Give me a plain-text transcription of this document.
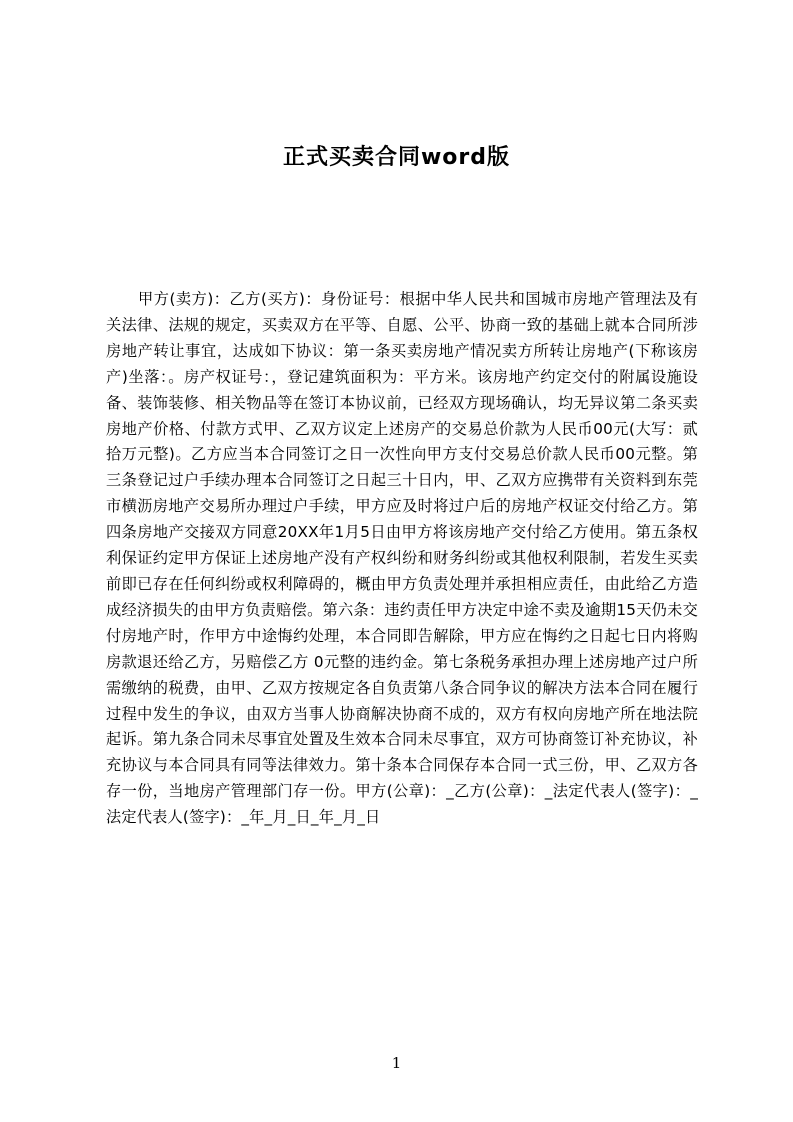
正式买卖合同word版

甲方(卖方)：乙方(买方)：身份证号：根据中华人民共和国城市房地产管理法及有关法律、法规的规定，买卖双方在平等、自愿、公平、协商一致的基础上就本合同所涉房地产转让事宜，达成如下协议：第一条买卖房地产情况卖方所转让房地产(下称该房产)坐落：。房产权证号：，登记建筑面积为：平方米。该房地产约定交付的附属设施设备、装饰装修、相关物品等在签订本协议前，已经双方现场确认，均无异议第二条买卖房地产价格、付款方式甲、乙双方议定上述房产的交易总价款为人民币00元(大写：贰拾万元整)。乙方应当本合同签订之日一次性向甲方支付交易总价款人民币00元整。第三条登记过户手续办理本合同签订之日起三十日内，甲、乙双方应携带有关资料到东莞市横沥房地产交易所办理过户手续，甲方应及时将过户后的房地产权证交付给乙方。第四条房地产交接双方同意20XX年1月5日由甲方将该房地产交付给乙方使用。第五条权利保证约定甲方保证上述房地产没有产权纠纷和财务纠纷或其他权利限制，若发生买卖前即已存在任何纠纷或权利障碍的，概由甲方负责处理并承担相应责任，由此给乙方造成经济损失的由甲方负责赔偿。第六条：违约责任甲方决定中途不卖及逾期15天仍未交付房地产时，作甲方中途悔约处理，本合同即告解除，甲方应在悔约之日起七日内将购房款退还给乙方，另赔偿乙方 0元整的违约金。第七条税务承担办理上述房地产过户所需缴纳的税费，由甲、乙双方按规定各自负责第八条合同争议的解决方法本合同在履行过程中发生的争议，由双方当事人协商解决协商不成的，双方有权向房地产所在地法院起诉。第九条合同未尽事宜处置及生效本合同未尽事宜，双方可协商签订补充协议，补充协议与本合同具有同等法律效力。第十条本合同保存本合同一式三份，甲、乙双方各存一份，当地房产管理部门存一份。甲方(公章)：_乙方(公章)：_法定代表人(签字)：_法定代表人(签字)：_年_月_日_年_月_日

1
